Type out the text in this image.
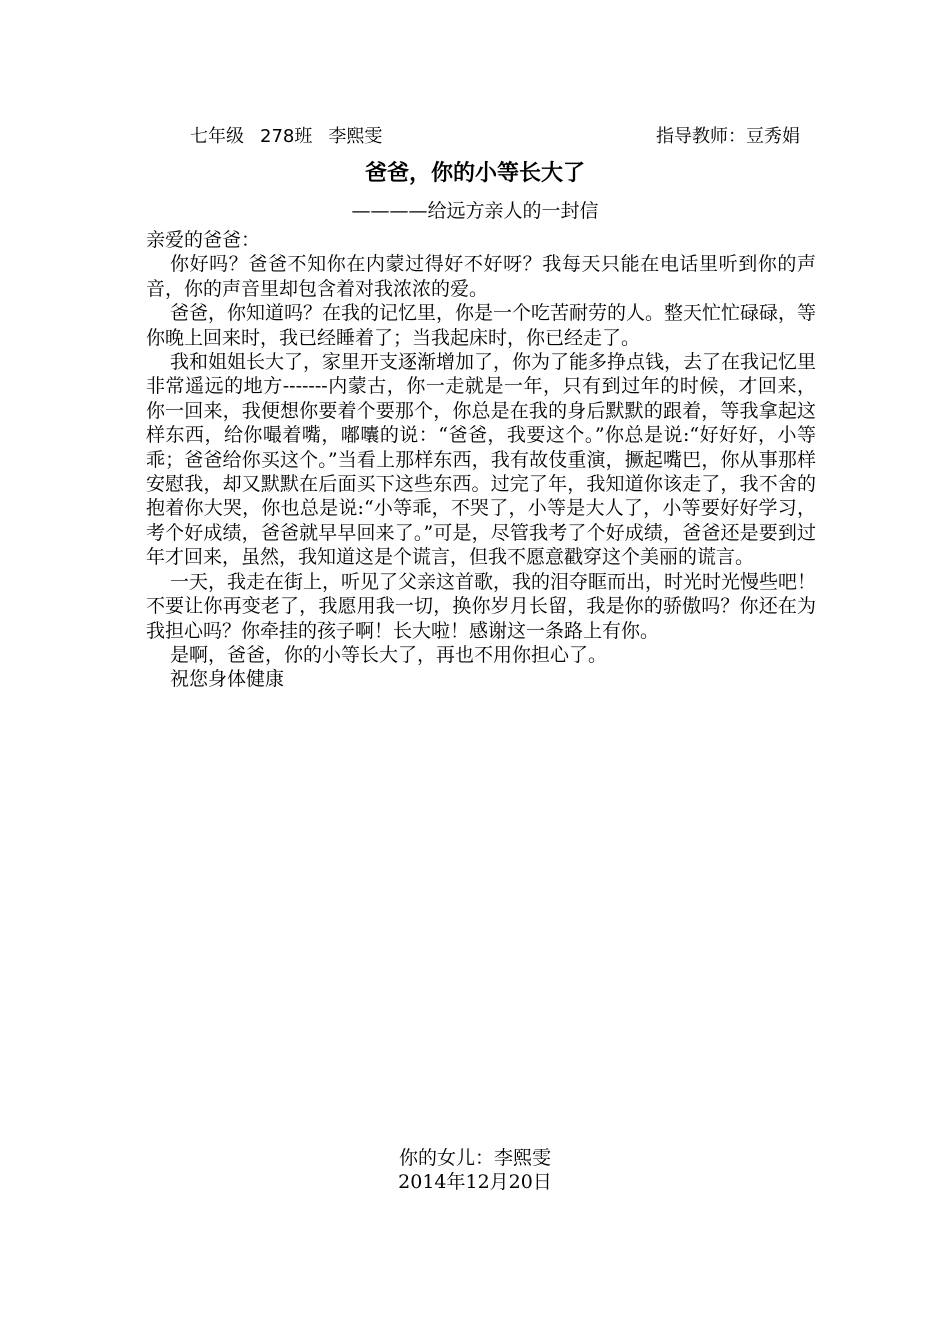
七年级 278班 李熙雯	指导教师：豆秀娟
爸爸，你的小等长大了
————给远方亲人的一封信

亲爱的爸爸：

你好吗？爸爸不知你在内蒙过得好不好呀？我每天只能在电话里听到你的声音，你的声音里却包含着对我浓浓的爱。

爸爸，你知道吗？在我的记忆里，你是一个吃苦耐劳的人。整天忙忙碌碌，等你晚上回来时，我已经睡着了；当我起床时，你已经走了。

我和姐姐长大了，家里开支逐渐增加了，你为了能多挣点钱，去了在我记忆里非常遥远的地方-------内蒙古，你一走就是一年，只有到过年的时候，才回来，你一回来，我便想你要着个要那个，你总是在我的身后默默的跟着，等我拿起这样东西，给你嘬着嘴，嘟囔的说：“爸爸，我要这个。”你总是说:“好好好，小等乖；爸爸给你买这个。”当看上那样东西，我有故伎重演，撅起嘴巴，你从事那样安慰我，却又默默在后面买下这些东西。过完了年，我知道你该走了，我不舍的抱着你大哭，你也总是说:“小等乖，不哭了，小等是大人了，小等要好好学习，考个好成绩，爸爸就早早回来了。”可是，尽管我考了个好成绩，爸爸还是要到过年才回来，虽然，我知道这是个谎言，但我不愿意戳穿这个美丽的谎言。

一天，我走在街上，听见了父亲这首歌，我的泪夺眶而出，时光时光慢些吧！不要让你再变老了，我愿用我一切，换你岁月长留，我是你的骄傲吗？你还在为我担心吗？你牵挂的孩子啊！长大啦！感谢这一条路上有你。

是啊，爸爸，你的小等长大了，再也不用你担心了。

祝您身体健康

你的女儿：李熙雯
2014年12月20日
